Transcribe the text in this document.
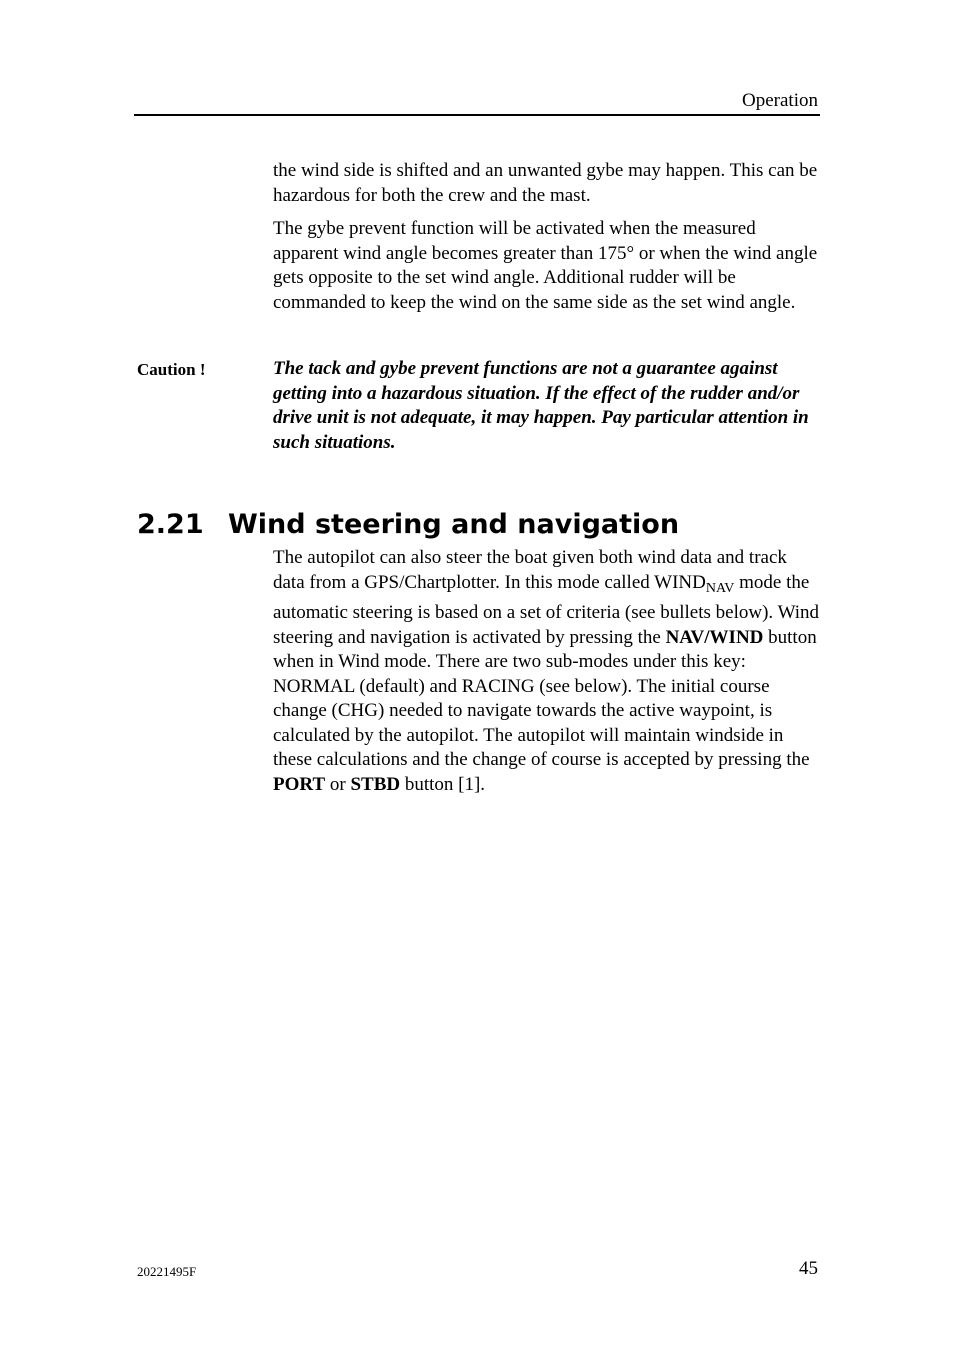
Operation

the wind side is shifted and an unwanted gybe may happen. This can be hazardous for both the crew and the mast.

The gybe prevent function will be activated when the measured apparent wind angle becomes greater than 175° or when the wind angle gets opposite to the set wind angle. Additional rudder will be commanded to keep the wind on the same side as the set wind angle.

Caution !	The tack and gybe prevent functions are not a guarantee against getting into a hazardous situation. If the effect of the rudder and/or drive unit is not adequate, it may happen. Pay particular attention in such situations.

2.21 Wind steering and navigation

The autopilot can also steer the boat given both wind data and track data from a GPS/Chartplotter. In this mode called $WIND_{NAV}$ mode the automatic steering is based on a set of criteria (see bullets below). Wind steering and navigation is activated by pressing the NAV/WIND button when in Wind mode. There are two sub-modes under this key: NORMAL (default) and RACING (see below). The initial course change (CHG) needed to navigate towards the active waypoint, is calculated by the autopilot. The autopilot will maintain windside in these calculations and the change of course is accepted by pressing the PORT or STBD button [1].

20221495F	45
